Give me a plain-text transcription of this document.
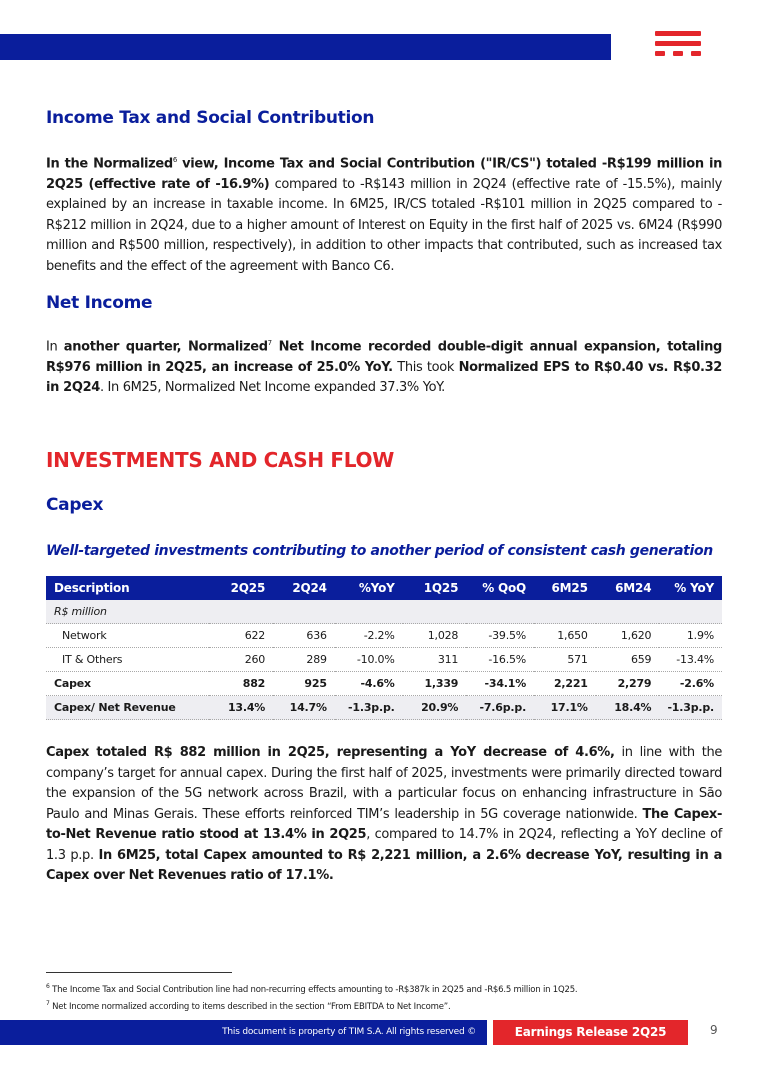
Income Tax and Social Contribution

In the Normalized$^6$ view, Income Tax and Social Contribution ("IR/CS") totaled -R$199 million in 2Q25 (effective rate of -16.9%) compared to -R$143 million in 2Q24 (effective rate of -15.5%), mainly explained by an increase in taxable income. In 6M25, IR/CS totaled -R$101 million in 2Q25 compared to -R$212 million in 2Q24, due to a higher amount of Interest on Equity in the first half of 2025 vs. 6M24 (R$990 million and R$500 million, respectively), in addition to other impacts that contributed, such as increased tax benefits and the effect of the agreement with Banco C6.

Net Income

In another quarter, Normalized$^7$ Net Income recorded double-digit annual expansion, totaling R$976 million in 2Q25, an increase of 25.0% YoY. This took Normalized EPS to R$0.40 vs. R$0.32 in 2Q24. In 6M25, Normalized Net Income expanded 37.3% YoY.

INVESTMENTS AND CASH FLOW
Capex

Well-targeted investments contributing to another period of consistent cash generation

Description	2Q25	2Q24	%YoY	1Q25	% QoQ	6M25	6M24	% YoY
R$ million								
Network	622	636	-2.2%	1,028	-39.5%	1,650	1,620	1.9%
IT & Others	260	289	-10.0%	311	-16.5%	571	659	-13.4%
Capex	882	925	-4.6%	1,339	-34.1%	2,221	2,279	-2.6%
Capex/ Net Revenue	13.4%	14.7%	-1.3p.p.	20.9%	-7.6p.p.	17.1%	18.4%	-1.3p.p.

Capex totaled R$ 882 million in 2Q25, representing a YoY decrease of 4.6%, in line with the company’s target for annual capex. During the first half of 2025, investments were primarily directed toward the expansion of the 5G network across Brazil, with a particular focus on enhancing infrastructure in São Paulo and Minas Gerais. These efforts reinforced TIM’s leadership in 5G coverage nationwide. The Capex-to-Net Revenue ratio stood at 13.4% in 2Q25, compared to 14.7% in 2Q24, reflecting a YoY decline of 1.3 p.p. In 6M25, total Capex amounted to R$ 2,221 million, a 2.6% decrease YoY, resulting in a Capex over Net Revenues ratio of 17.1%.

$^6$ The Income Tax and Social Contribution line had non-recurring effects amounting to -R$387k in 2Q25 and -R$6.5 million in 1Q25.
$^7$ Net Income normalized according to items described in the section “From EBITDA to Net Income”.
This document is property of TIM S.A. All rights reserved ©	Earnings Release 2Q25	9
